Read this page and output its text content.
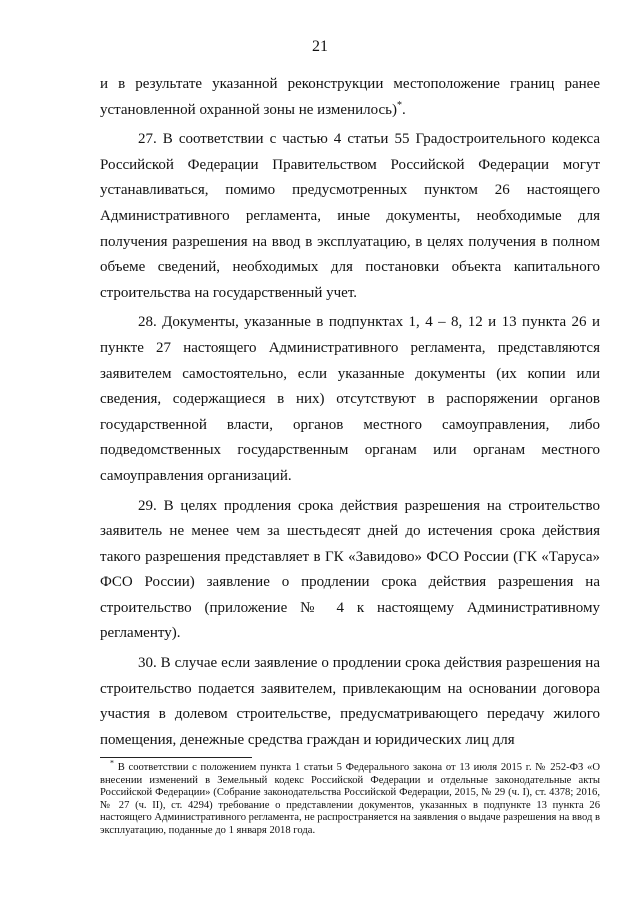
21

и в результате указанной реконструкции местоположение границ ранее установленной охранной зоны не изменилось)*.

27. В соответствии с частью 4 статьи 55 Градостроительного кодекса Российской Федерации Правительством Российской Федерации могут устанавливаться, помимо предусмотренных пунктом 26 настоящего Административного регламента, иные документы, необходимые для получения разрешения на ввод в эксплуатацию, в целях получения в полном объеме сведений, необходимых для постановки объекта капитального строительства на государственный учет.

28. Документы, указанные в подпунктах 1, 4 – 8, 12 и 13 пункта 26 и пункте 27 настоящего Административного регламента, представляются заявителем самостоятельно, если указанные документы (их копии или сведения, содержащиеся в них) отсутствуют в распоряжении органов государственной власти, органов местного самоуправления, либо подведомственных государственным органам или органам местного самоуправления организаций.

29. В целях продления срока действия разрешения на строительство заявитель не менее чем за шестьдесят дней до истечения срока действия такого разрешения представляет в ГК «Завидово» ФСО России (ГК «Таруса» ФСО России) заявление о продлении срока действия разрешения на строительство (приложение № 4 к настоящему Административному регламенту).

30. В случае если заявление о продлении срока действия разрешения на строительство подается заявителем, привлекающим на основании договора участия в долевом строительстве, предусматривающего передачу жилого помещения, денежные средства граждан и юридических лиц для

* В соответствии с положением пункта 1 статьи 5 Федерального закона от 13 июля 2015 г. № 252-ФЗ «О внесении изменений в Земельный кодекс Российской Федерации и отдельные законодательные акты Российской Федерации» (Собрание законодательства Российской Федерации, 2015, № 29 (ч. I), ст. 4378; 2016, № 27 (ч. II), ст. 4294) требование о представлении документов, указанных в подпункте 13 пункта 26 настоящего Административного регламента, не распространяется на заявления о выдаче разрешения на ввод в эксплуатацию, поданные до 1 января 2018 года.
